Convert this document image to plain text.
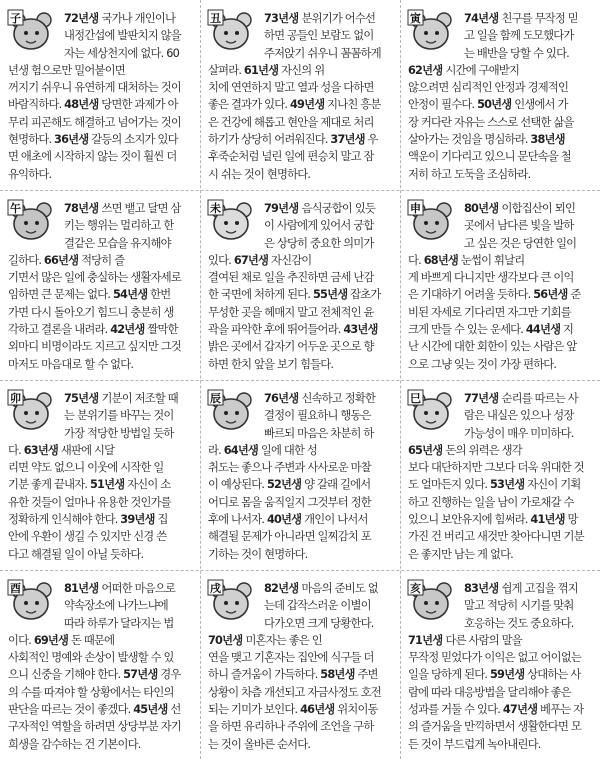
子	72년생 국가나 개인이나
내정간섭에 발판치지 않을
자는 세상천지에 없다. 60
년생 험으로만 밀어붙이면
꺼지기 쉬우니 유연하게 대처하는 것이
바람직하다. 48년생 당면한 과제가 아
무리 피곤해도 해결하고 넘어가는 것이
현명하다. 36년생 갈등의 소지가 있다
면 애초에 시작하지 않는 것이 훨씬 더
유익하다.
丑	73년생 분위기가 어수선
하면 공들인 보람도 없이
주저앉기 쉬우니 꼼꼼하게
살펴라. 61년생 자신의 위
치에 연연하지 말고 열과 성을 다하면
좋은 결과가 있다. 49년생 지나친 흥분
은 건강에 해롭고 현안을 제대로 처리
하기가 상당히 어려워진다. 37년생 우
후죽순처럼 널린 일에 편승치 말고 잠
시 쉬는 것이 현명하다.
寅	74년생 친구를 무작정 믿
고 일을 함께 도모했다가
는 배반을 당할 수 있다.
62년생 시간에 구애받지
않으려면 심리적인 안정과 경제적인
안정이 필수다. 50년생 인생에서 가
장 커다란 자유는 스스로 선택한 삶을
살아가는 것임을 명심하라. 38년생
액운이 기다리고 있으니 문단속을 철
저히 하고 도둑을 조심하라.
午	78년생 쓰면 뱉고 달면 삼
키는 행위는 멀리하고 한
결같은 모습을 유지해야
길하다. 66년생 적당히 즐
기면서 많은 일에 충실하는 생활자세로
임하면 큰 문제는 없다. 54년생 한번
가면 다시 돌아오기 힘드니 충분히 생
각하고 결론을 내려라. 42년생 짤막한
외마디 비명이라도 지르고 싶지만 그것
마저도 마음대로 할 수 없다.
未	79년생 음식궁합이 있듯
이 사람에게 있어서 궁합
은 상당히 중요한 의미가
있다. 67년생 자신감이
결여된 채로 일을 추진하면 금세 난감
한 국면에 처하게 된다. 55년생 잡초가
무성한 곳을 헤매지 말고 전체적인 윤
곽을 파악한 후에 뛰어들어라. 43년생
밝은 곳에서 갑자기 어두운 곳으로 향
하면 한치 앞을 보기 힘들다.
申	80년생 이합집산이 뫼인
곳에서 남다른 빛을 발하
고 싶은 것은 당연한 일이
다. 68년생 눈썹이 휘날리
게 바쁘게 다니지만 생각보다 큰 이익
은 기대하기 어려울 듯하다. 56년생 준
비된 자세로 기다리면 자그만 기회를
크게 만들 수 있는 운세다. 44년생 지
난 시간에 대한 회한이 있는 사람은 앞
으로 그냥 잊는 것이 가장 편하다.
卯	75년생 기분이 저조할 때
는 분위기를 바꾸는 것이
가장 적당한 방법일 듯하
다. 63년생 새판에 시달
리면 약도 없으니 이웃에 시작한 일
기분 좋게 끝내자. 51년생 자신이 소
유한 것들이 얼마나 유용한 것인가를
정확하게 인식해야 한다. 39년생 집
안에 우환이 생길 수 있지만 신경 쓴
다고 해결될 일이 아닐 듯하다.
辰	76년생 신속하고 정확한
결정이 필요하니 행동은
빠르되 마음은 차분히 하
라. 64년생 일에 대한 성
취도는 좋으나 주변과 사사로운 마찰
이 예상된다. 52년생 양 갈래 길에서
어디로 몸을 움직일지 그것부터 정한
후에 나서자. 40년생 개인이 나서서
해결될 문제가 아니라면 일찌감치 포
기하는 것이 현명하다.
巳	77년생 순리를 따르는 사
람은 내실은 있으나 성장
가능성이 매우 미미하다.
65년생 돈의 위력은 생각
보다 대단하지만 그보다 더욱 위대한 것
도 얼마든지 있다. 53년생 자신이 기획
하고 진행하는 일을 남이 가로채갈 수
있으니 보안유지에 힘써라. 41년생 망
가진 건 버리고 새것만 찾아다니면 기분
은 좋지만 남는 게 없다.
酉	81년생 어떠한 마음으로
약속장소에 나가느냐에
따라 하루가 달라지는 법
이다. 69년생 돈 때문에
사회적인 명예와 손상이 발생할 수 있
으니 신중을 기해야 한다. 57년생 경우
의 수를 따져야 할 상황에서는 타인의
판단을 따르는 것이 좋겠다. 45년생 선
구자적인 역할을 하려면 상당부분 자기
희생을 감수하는 건 기본이다.
戌	82년생 마음의 준비도 없
는데 갑작스러운 이별이
다가오면 크게 당황한다.
70년생 미혼자는 좋은 인
연을 맺고 기혼자는 집안에 식구들 더
하니 즐거움이 가득하다. 58년생 주변
상황이 차츰 개선되고 자금사정도 호전
되는 기미가 보인다. 46년생 위치이동
을 하면 유리하나 주위에 조언을 구하
는 것이 올바른 순서다.
亥	83년생 쉽게 고집을 꺾지
말고 적당히 시기를 맞춰
호응하는 것도 중요하다.
71년생 다른 사람의 말을
무작정 믿었다가 이익은 없고 어이없는
일을 당하게 된다. 59년생 상대하는 사
람에 따라 대응방법을 달리해야 좋은
성과를 거둘 수 있다. 47년생 베푸는 자
의 즐거움을 만끽하면서 생활한다면 모
든 것이 부드럽게 녹아내린다.
